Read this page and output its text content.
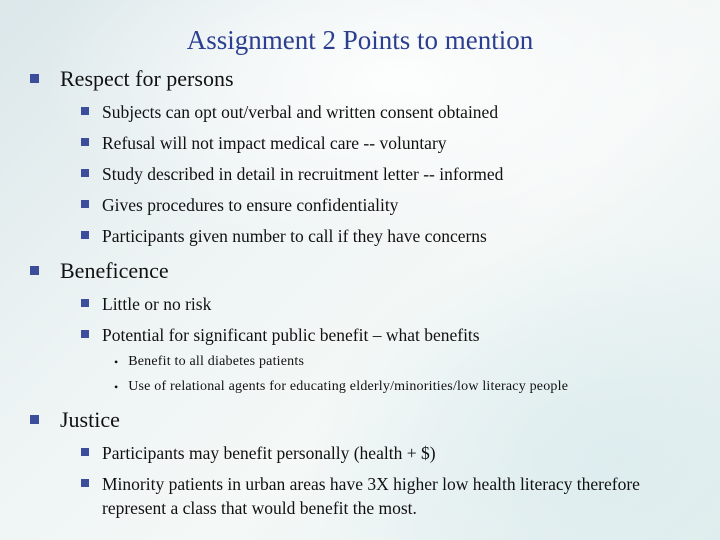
Assignment 2 Points to mention
Respect for persons
Subjects can opt out/verbal and written consent obtained
Refusal will not impact medical care -- voluntary
Study described in detail in recruitment letter -- informed
Gives procedures to ensure confidentiality
Participants given number to call if they have concerns
Beneficence
Little or no risk
Potential for significant public benefit – what benefits
• Benefit to all diabetes patients
• Use of relational agents for educating elderly/minorities/low literacy people
Justice
Participants may benefit personally (health + $)
Minority patients in urban areas have 3X higher low health literacy therefore represent a class that would benefit the most.
